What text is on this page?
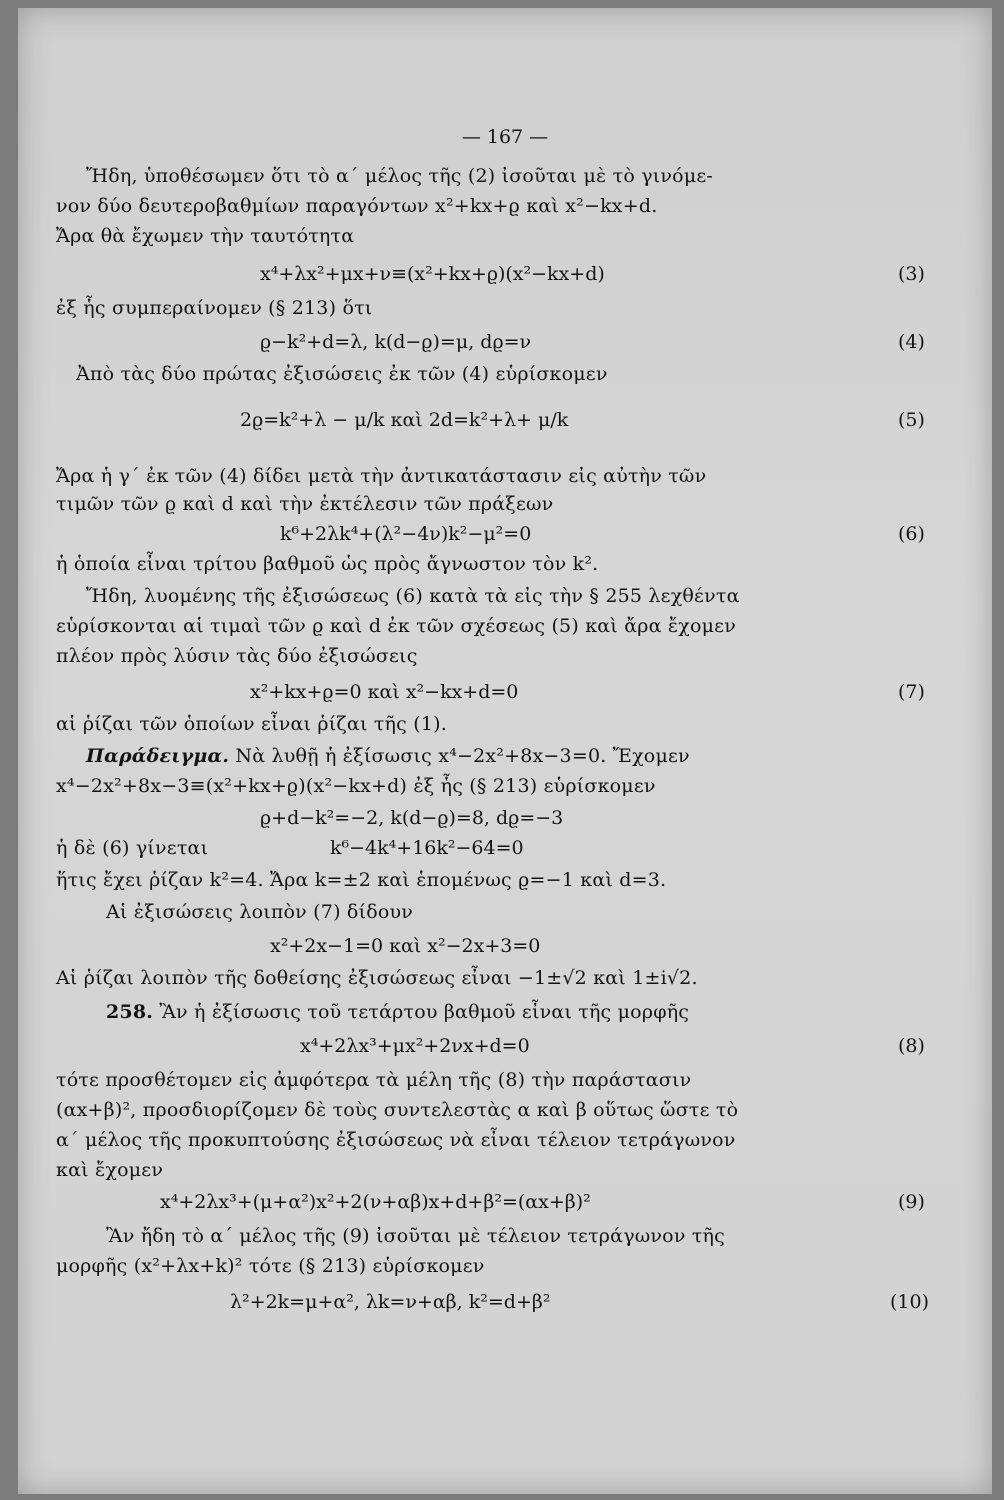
— 167 —
Ἤδη, ὑποθέσωμεν ὅτι τὸ α΄ μέλος τῆς (2) ἰσοῦται μὲ τὸ γινόμε-
νον δύο δευτεροβαθμίων παραγόντων x²+kx+ϱ καὶ x²−kx+d.
Ἄρα θὰ ἔχωμεν τὴν ταυτότητα
x⁴+λx²+μx+ν≡(x²+kx+ϱ)(x²−kx+d)	(3)
ἐξ ἧς συμπεραίνομεν (§ 213) ὅτι
ϱ−k²+d=λ, k(d−ϱ)=μ, dϱ=ν	(4)
Ἀπὸ τὰς δύο πρώτας ἐξισώσεις ἐκ τῶν (4) εὑρίσκομεν
2ϱ=k²+λ − μ/k καὶ 2d=k²+λ+ μ/k	(5)
Ἄρα ἡ γ΄ ἐκ τῶν (4) δίδει μετὰ τὴν ἀντικατάστασιν εἰς αὐτὴν τῶν
τιμῶν τῶν ϱ καὶ d καὶ τὴν ἐκτέλεσιν τῶν πράξεων
k⁶+2λk⁴+(λ²−4ν)k²−μ²=0	(6)
ἡ ὁποία εἶναι τρίτου βαθμοῦ ὡς πρὸς ἄγνωστον τὸν k².
Ἤδη, λυομένης τῆς ἐξισώσεως (6) κατὰ τὰ εἰς τὴν § 255 λεχθέντα
εὑρίσκονται αἱ τιμαὶ τῶν ϱ καὶ d ἐκ τῶν σχέσεως (5) καὶ ἄρα ἔχομεν
πλέον πρὸς λύσιν τὰς δύο ἐξισώσεις
x²+kx+ϱ=0 καὶ x²−kx+d=0	(7)
αἱ ῥίζαι τῶν ὁποίων εἶναι ῥίζαι τῆς (1).
Παράδειγμα. Νὰ λυθῇ ἡ ἐξίσωσις x⁴−2x²+8x−3=0. Ἔχομεν
x⁴−2x²+8x−3≡(x²+kx+ϱ)(x²−kx+d) ἐξ ἧς (§ 213) εὑρίσκομεν
ϱ+d−k²=−2, k(d−ϱ)=8, dϱ=−3
ἡ δὲ (6) γίνεται	k⁶−4k⁴+16k²−64=0
ἥτις ἔχει ῥίζαν k²=4. Ἄρα k=±2 καὶ ἑπομένως ϱ=−1 καὶ d=3.
Αἱ ἐξισώσεις λοιπὸν (7) δίδουν
x²+2x−1=0 καὶ x²−2x+3=0
Αἱ ῥίζαι λοιπὸν τῆς δοθείσης ἐξισώσεως εἶναι −1±√2 καὶ 1±i√2.
258. Ἂν ἡ ἐξίσωσις τοῦ τετάρτου βαθμοῦ εἶναι τῆς μορφῆς
x⁴+2λx³+μx²+2νx+d=0	(8)
τότε προσθέτομεν εἰς ἀμφότερα τὰ μέλη τῆς (8) τὴν παράστασιν
(αx+β)², προσδιορίζομεν δὲ τοὺς συντελεστὰς α καὶ β οὕτως ὥστε τὸ
α΄ μέλος τῆς προκυπτούσης ἐξισώσεως νὰ εἶναι τέλειον τετράγωνον
καὶ ἔχομεν
x⁴+2λx³+(μ+α²)x²+2(ν+αβ)x+d+β²=(αx+β)²	(9)
Ἂν ἤδη τὸ α΄ μέλος τῆς (9) ἰσοῦται μὲ τέλειον τετράγωνον τῆς
μορφῆς (x²+λx+k)² τότε (§ 213) εὑρίσκομεν
λ²+2k=μ+α², λk=ν+αβ, k²=d+β²	(10)
